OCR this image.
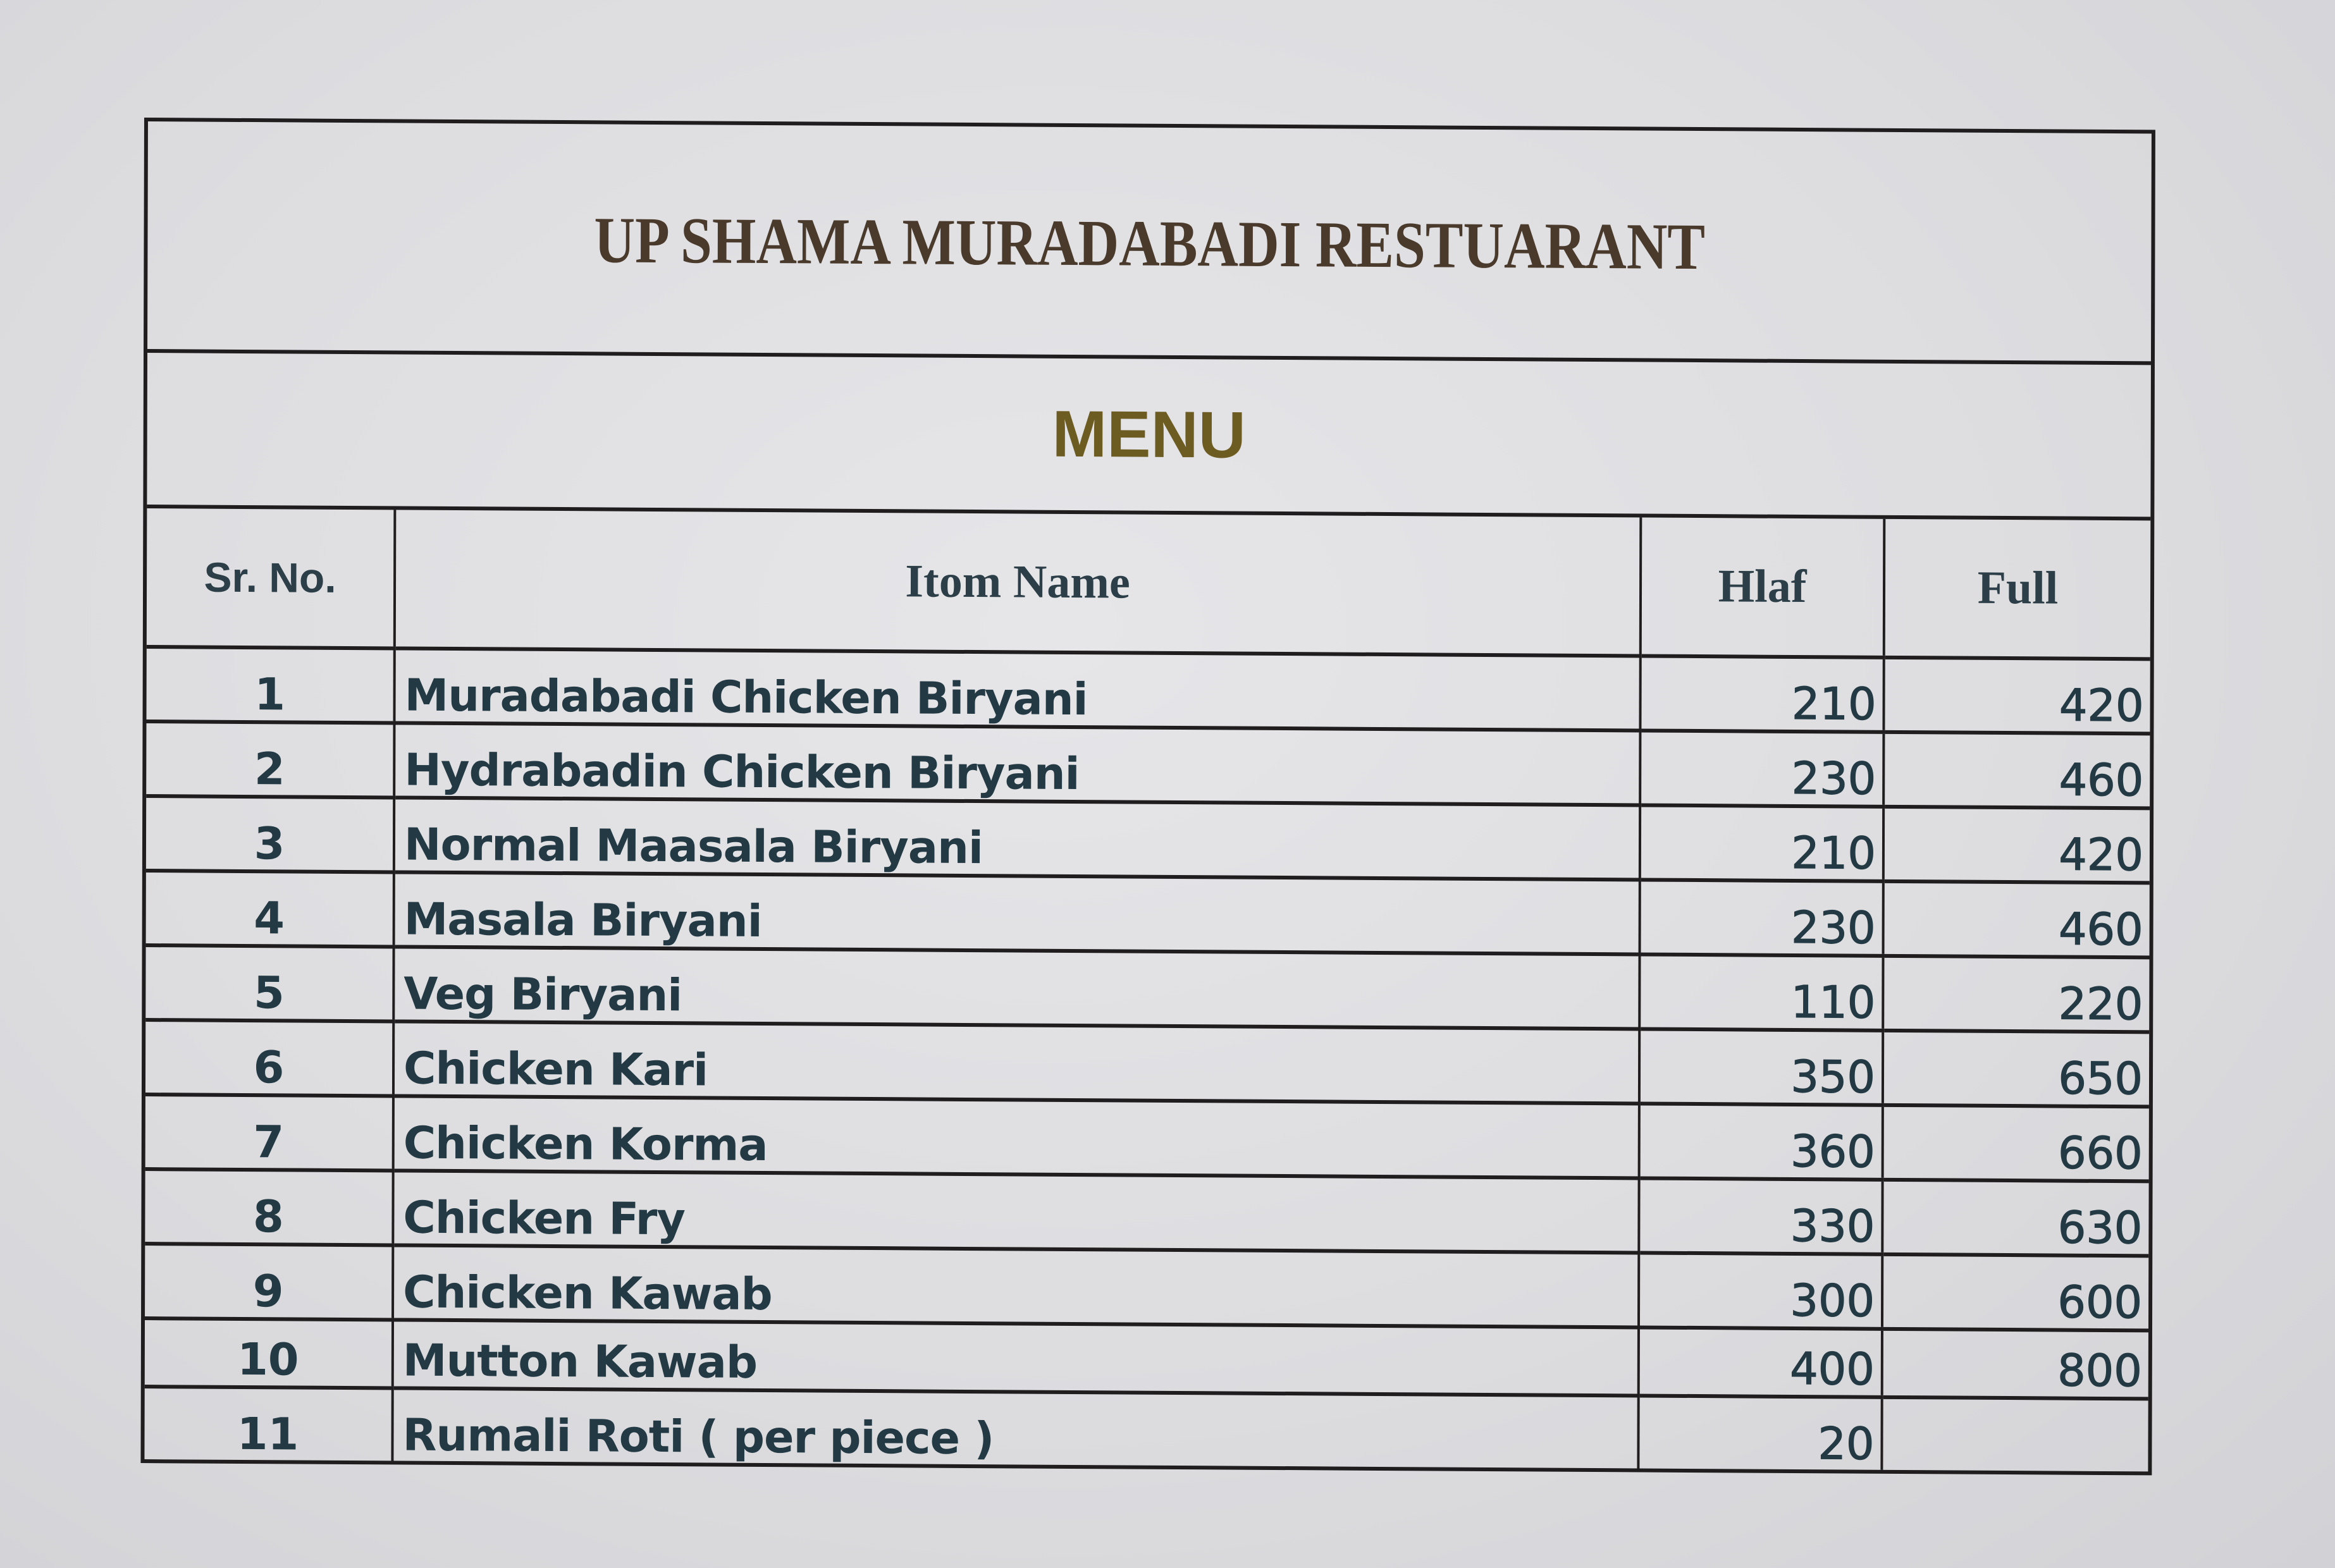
UP SHAMA MURADABADI RESTUARANT
MENU
Sr. No.	Itom Name	Hlaf	Full
1	Muradabadi Chicken Biryani	210	420
2	Hydrabadin Chicken Biryani	230	460
3	Normal Maasala Biryani	210	420
4	Masala Biryani	230	460
5	Veg Biryani	110	220
6	Chicken Kari	350	650
7	Chicken Korma	360	660
8	Chicken Fry	330	630
9	Chicken Kawab	300	600
10	Mutton Kawab	400	800
11	Rumali Roti ( per piece )	20	
